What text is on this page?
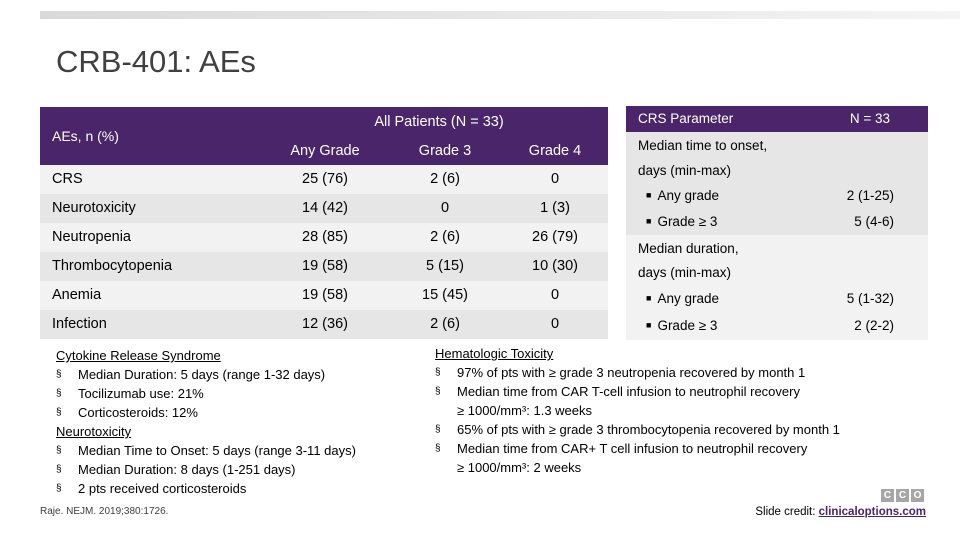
CRB-401: AEs
AEs, n (%)
All Patients (N = 33)
Any Grade	Grade 3	Grade 4
CRS	25 (76)	2 (6)	0
Neurotoxicity	14 (42)	0	1 (3)
Neutropenia	28 (85)	2 (6)	26 (79)
Thrombocytopenia	19 (58)	5 (15)	10 (30)
Anemia	19 (58)	15 (45)	0
Infection	12 (36)	2 (6)	0
CRS Parameter	N = 33
Median time to onset,
days (min-max)
■ Any grade	2 (1-25)
■ Grade ≥ 3	5 (4-6)
Median duration,
days (min-max)
■ Any grade	5 (1-32)
■ Grade ≥ 3	2 (2-2)
Cytokine Release Syndrome
§ Median Duration: 5 days (range 1-32 days)
§ Tocilizumab use: 21%
§ Corticosteroids: 12%
Neurotoxicity
§ Median Time to Onset: 5 days (range 3-11 days)
§ Median Duration: 8 days (1-251 days)
§ 2 pts received corticosteroids
Hematologic Toxicity
§ 97% of pts with ≥ grade 3 neutropenia recovered by month 1
§ Median time from CAR T-cell infusion to neutrophil recovery
≥ 1000/mm³: 1.3 weeks
§ 65% of pts with ≥ grade 3 thrombocytopenia recovered by month 1
§ Median time from CAR+ T cell infusion to neutrophil recovery
≥ 1000/mm³: 2 weeks
Raje. NEJM. 2019;380:1726.
C C O
Slide credit: clinicaloptions.com
